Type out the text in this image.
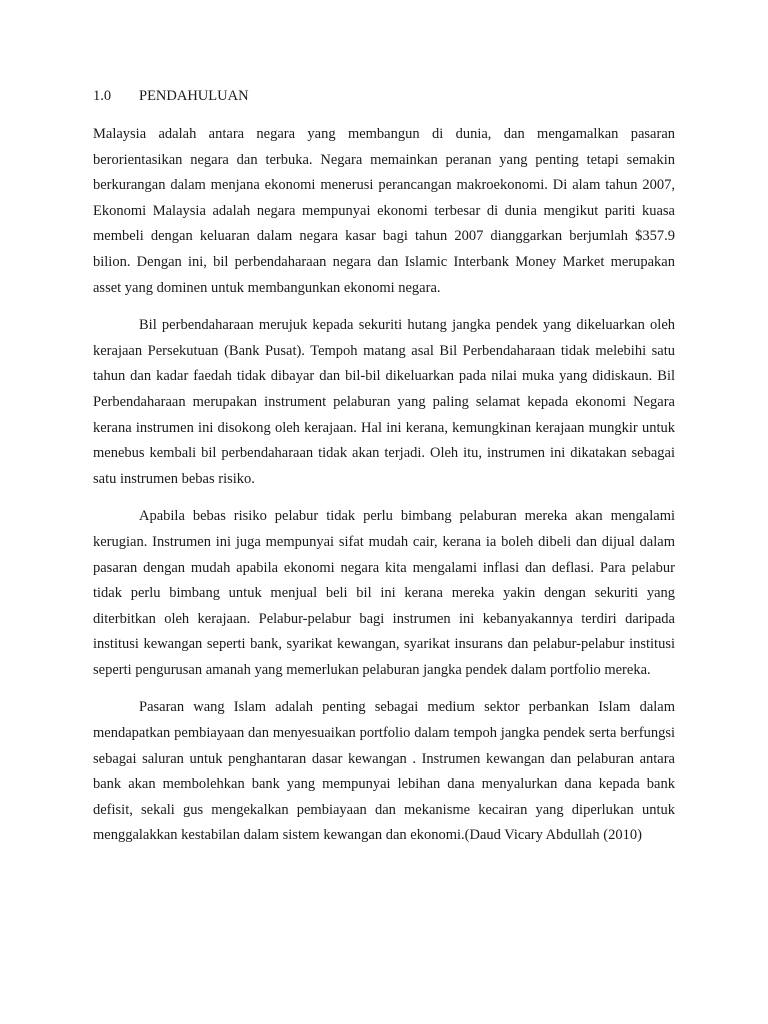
1.0 PENDAHULUAN

Malaysia adalah antara negara yang membangun di dunia, dan mengamalkan pasaran berorientasikan negara dan terbuka. Negara memainkan peranan yang penting tetapi semakin berkurangan dalam menjana ekonomi menerusi perancangan makroekonomi. Di alam tahun 2007, Ekonomi Malaysia adalah negara mempunyai ekonomi terbesar di dunia mengikut pariti kuasa membeli dengan keluaran dalam negara kasar bagi tahun 2007 dianggarkan berjumlah $357.9 bilion. Dengan ini, bil perbendaharaan negara dan Islamic Interbank Money Market merupakan asset yang dominen untuk membangunkan ekonomi negara.

Bil perbendaharaan merujuk kepada sekuriti hutang jangka pendek yang dikeluarkan oleh kerajaan Persekutuan (Bank Pusat). Tempoh matang asal Bil Perbendaharaan tidak melebihi satu tahun dan kadar faedah tidak dibayar dan bil-bil dikeluarkan pada nilai muka yang didiskaun. Bil Perbendaharaan merupakan instrument pelaburan yang paling selamat kepada ekonomi Negara kerana instrumen ini disokong oleh kerajaan. Hal ini kerana, kemungkinan kerajaan mungkir untuk menebus kembali bil perbendaharaan tidak akan terjadi. Oleh itu, instrumen ini dikatakan sebagai satu instrumen bebas risiko.

Apabila bebas risiko pelabur tidak perlu bimbang pelaburan mereka akan mengalami kerugian. Instrumen ini juga mempunyai sifat mudah cair, kerana ia boleh dibeli dan dijual dalam pasaran dengan mudah apabila ekonomi negara kita mengalami inflasi dan deflasi. Para pelabur tidak perlu bimbang untuk menjual beli bil ini kerana mereka yakin dengan sekuriti yang diterbitkan oleh kerajaan. Pelabur-pelabur bagi instrumen ini kebanyakannya terdiri daripada institusi kewangan seperti bank, syarikat kewangan, syarikat insurans dan pelabur-pelabur institusi seperti pengurusan amanah yang memerlukan pelaburan jangka pendek dalam portfolio mereka.

Pasaran wang Islam adalah penting sebagai medium sektor perbankan Islam dalam mendapatkan pembiayaan dan menyesuaikan portfolio dalam tempoh jangka pendek serta berfungsi sebagai saluran untuk penghantaran dasar kewangan . Instrumen kewangan dan pelaburan antara bank akan membolehkan bank yang mempunyai lebihan dana menyalurkan dana kepada bank defisit, sekali gus mengekalkan pembiayaan dan mekanisme kecairan yang diperlukan untuk menggalakkan kestabilan dalam sistem kewangan dan ekonomi.(Daud Vicary Abdullah (2010)
